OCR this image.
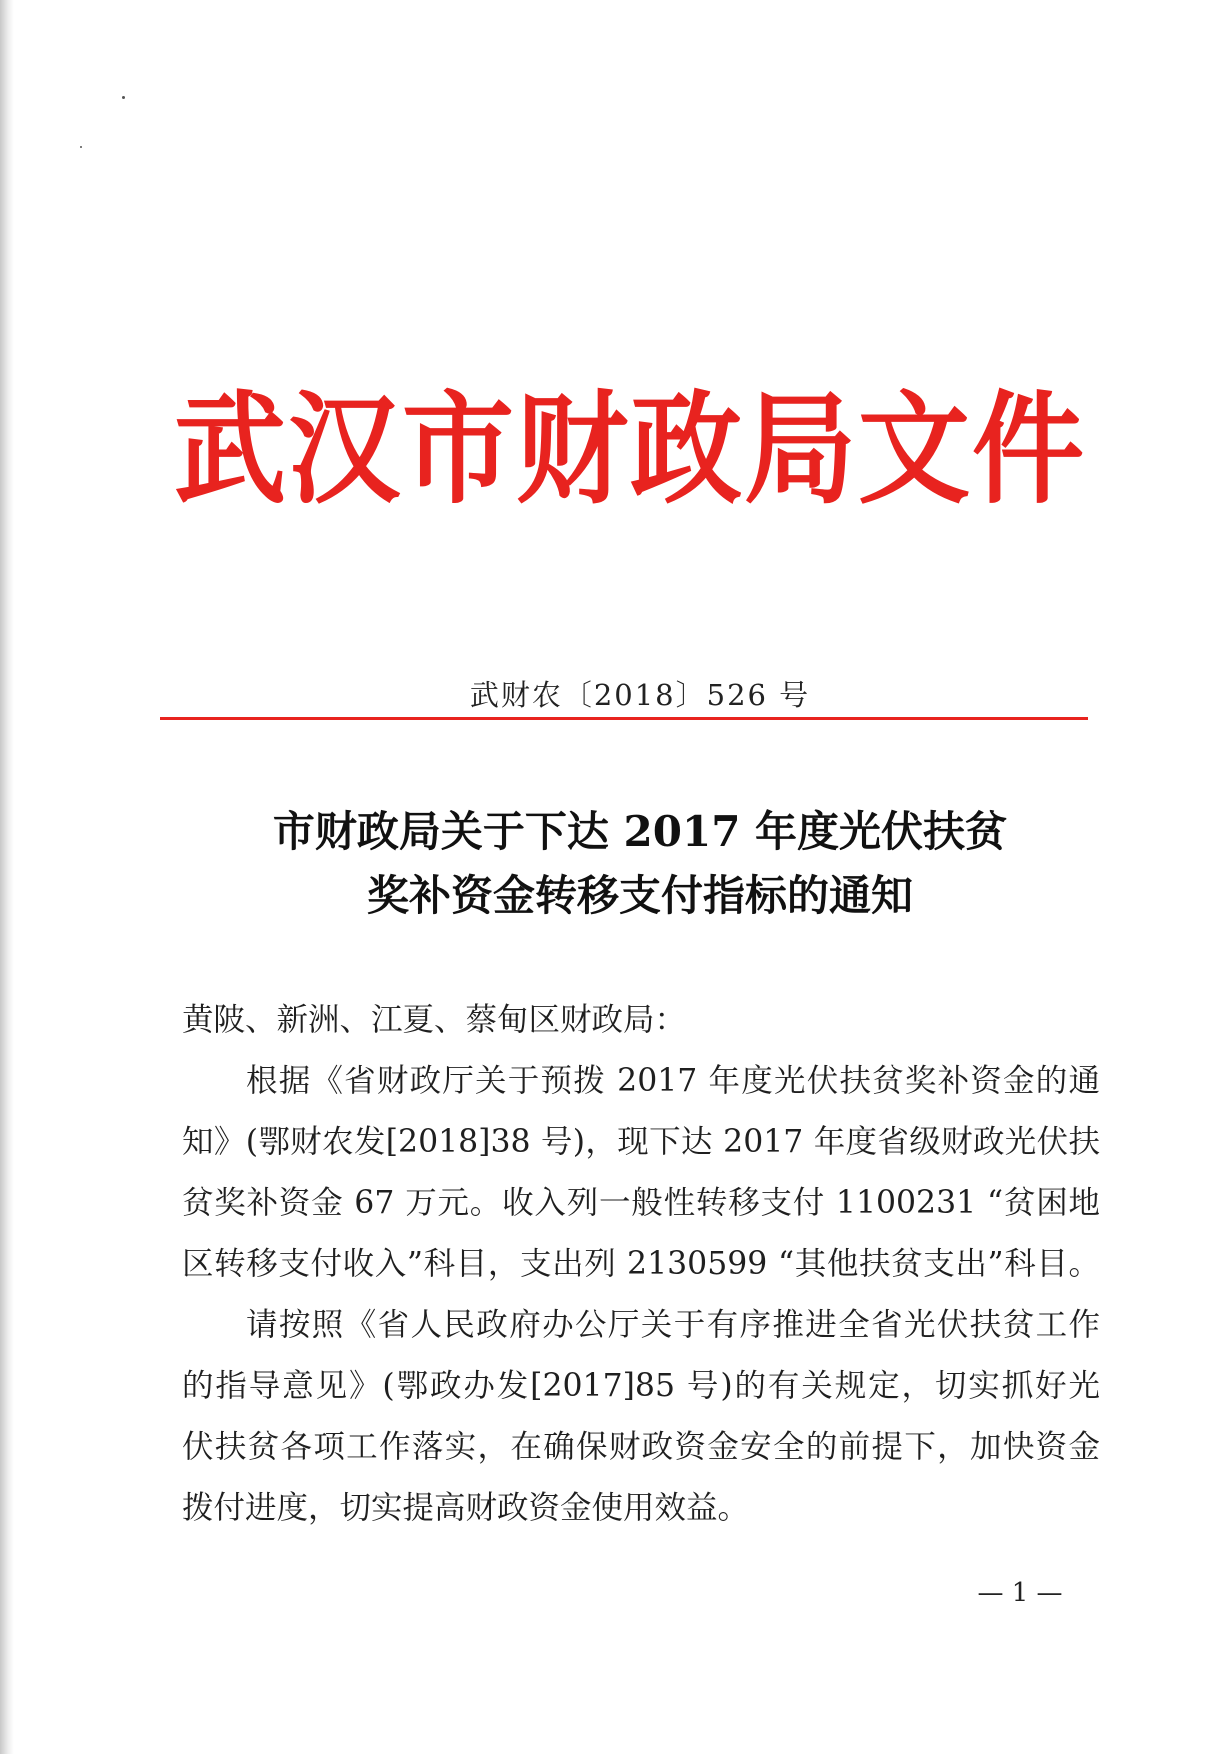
武汉市财政局文件
武财农〔2018〕526 号
市财政局关于下达 2017 年度光伏扶贫
奖补资金转移支付指标的通知
黄陂、新洲、江夏、蔡甸区财政局：
根据《省财政厅关于预拨 2017 年度光伏扶贫奖补资金的通
知》(鄂财农发[2018]38 号)，现下达 2017 年度省级财政光伏扶
贫奖补资金 67 万元。收入列一般性转移支付 1100231 “贫困地
区转移支付收入”科目，支出列 2130599 “其他扶贫支出”科目。
请按照《省人民政府办公厅关于有序推进全省光伏扶贫工作
的指导意见》(鄂政办发[2017]85 号)的有关规定，切实抓好光
伏扶贫各项工作落实，在确保财政资金安全的前提下，加快资金
拨付进度，切实提高财政资金使用效益。
— 1 —
